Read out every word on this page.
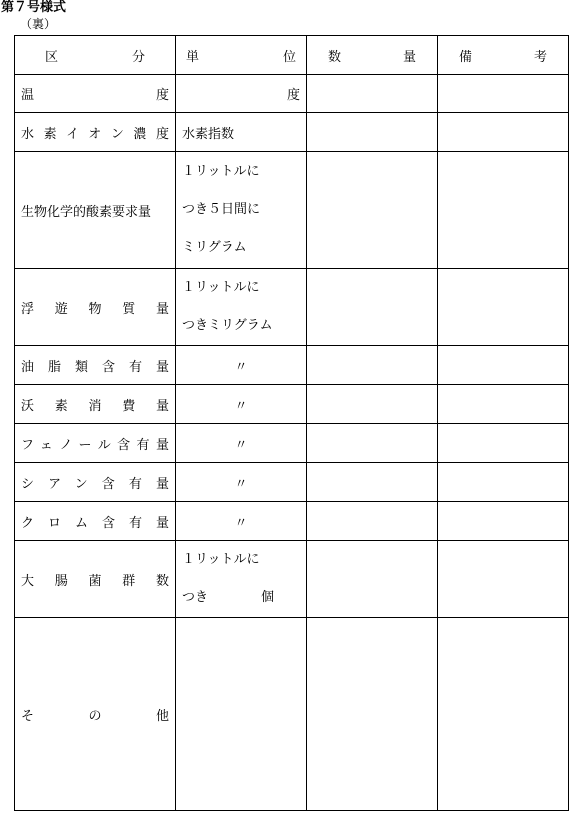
第７号様式
（裏）
区　　分	単　　位	数　　量	備　　考

温度	度		

水素イオン濃度	水素指数		

生物化学的酸素要求量	１リットルに
つき５日間に
ミリグラム		

浮遊物質量	１リットルに
つきミリグラム		

油脂類含有量	〃		

沃素消費量	〃		

フェノール含有量	〃		

シアン含有量	〃		

クロム含有量	〃		

大腸菌群数	１リットルに
つき 個		

その他			
